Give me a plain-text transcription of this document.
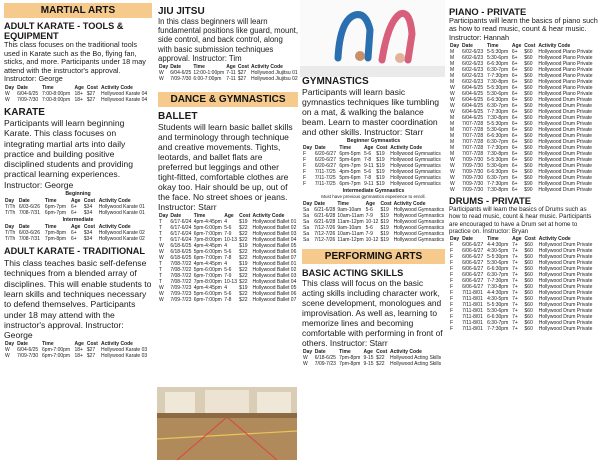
MARTIAL ARTS
ADULT KARATE - TOOLS & EQUIPMENT
This class focuses on the traditional tools used in Karate such as the Bo, flying fan, sticks, and more. Participants under 18 may attend with the instructor's approval. Instructor: George
Day	Date	Time	Age	Cost	Activity Code
W	6/04-6/25	7:00-8:00pm	18+	$27	Hollywood Karate 04
W	7/09-7/30	7:00-8:00pm	18+	$27	Hollywood Karate 04
KARATE
Participants will learn beginning Karate. This class focuses on integrating martial arts into daily practice and building positive disciplined students and providing practical learning experiences. Instructor: George
Beginning
Day	Date	Time	Age	Cost	Activity Code
T/Th	6/03-6/26	6pm-7pm	6+	$34	Hollywood Karate 01
T/Th	7/08-7/31	6pm-7pm	6+	$34	Hollywood Karate 01
Intermediate
Day	Date	Time	Age	Cost	Activity Code
T/Th	6/03-6/26	7pm-8pm	6+	$34	Hollywood Karate 02
T/Th	7/08-7/31	7pm-8pm	6+	$34	Hollywood Karate 02
ADULT KARATE - TRADITIONAL
This class teaches basic self-defense techniques from a blended array of disciplines. This will enable students to learn skills and techniques necessary to defend themselves. Participants under 18 may attend with the instructor's approval. Instructor: George
Day	Date	Time	Age	Cost	Activity Code
W	6/04-6/25	6pm-7:00pm	18+	$27	Hollywood Karate 03
W	7/09-7/30	6pm-7:00pm	18+	$27	Hollywood Karate 03
JIU JITSU
In this class beginners will learn fundamental positions like guard, mount, side control, and back control, along with basic submission techniques approval. Instructor: Tim
Day	Date	Time	Age	Cost	Activity Code
W	6/04-6/25	12:00-1:00pm	7-11	$27	Hollywood Jiujitsu 01
W	7/09-7/30	6:00-7:00pm	7-11	$27	Hollywood Jiujitsu 02
DANCE & GYMNASTICS
BALLET
Students will learn basic ballet skills and terminology through technique and creative movements. Tights, leotards, and ballet flats are preferred but leggings and other tight-fitted, comfortable clothes are okay too. Hair should be up, out of the face. No street shoes or jeans. Instructor: Starr
Day	Date	Time	Age	Cost	Activity Code
T	6/17-6/24	4pm-4:45pm	4	$19	Hollywood Ballet 01
T	6/17-6/24	5pm-6:00pm	5-6	$22	Hollywood Ballet 02
T	6/17-6/24	6pm-7:00pm	7-9	$22	Hollywood Ballet 03
T	6/17-6/24	7pm-8:00pm	10-13	$22	Hollywood Ballet 04
W	6/18-6/25	4pm-4:45pm	4	$19	Hollywood Ballet 05
W	6/18-6/25	5pm-6:00pm	5-6	$22	Hollywood Ballet 06
W	6/18-6/25	6pm-7:00pm	7-8	$22	Hollywood Ballet 07
T	7/08-7/22	4pm-4:45pm	4	$19	Hollywood Ballet 01
T	7/08-7/22	5pm-6:00pm	5-6	$22	Hollywood Ballet 02
T	7/08-7/22	6pm-7:00pm	7-9	$22	Hollywood Ballet 03
T	7/08-7/22	7pm-8:00pm	10-13	$22	Hollywood Ballet 04
W	7/09-7/23	4pm-4:45pm	4	$19	Hollywood Ballet 05
W	7/09-7/23	5pm-6:00pm	5-6	$22	Hollywood Ballet 06
W	7/09-7/23	6pm-7:00pm	7-8	$22	Hollywood Ballet 07
GYMNASTICS
Participants will learn basic gymnastics techniques like tumbling on a mat, & walking the balance beam. Learn to master coordination and other skills. Instructor: Starr
Beginner Gymnastics
Day	Date	Time	Age	Cost	Activity Code
F	6/20-6/27	6pm-5pm	5-6	$19	Hollywood Gymnastics
F	6/20-6/27	5pm-6pm	7-8	$19	Hollywood Gymnastics
F	6/20-6/27	6pm-7pm	9-11	$19	Hollywood Gymnastics
F	7/11-7/25	4pm-5pm	5-6	$19	Hollywood Gymnastics
F	7/11-7/25	5pm-6pm	7-8	$19	Hollywood Gymnastics
F	7/11-7/25	6pm-7pm	9-11	$19	Hollywood Gymnastics
Intermediate Gymnastics
Must have previous gymnastics experience to enroll.
Day	Date	Time	Age	Cost	Activity Code
Sa	6/21-6/28	9am-10am	5-6	$19	Hollywood Gymnastics
Sa	6/21-6/28	10am-11am	7-9	$19	Hollywood Gymnastics
Sa	6/21-6/28	11am-12pm	10-12	$19	Hollywood Gymnastics
Sa	7/12-7/26	9am-10am	5-6	$19	Hollywood Gymnastics
Sa	7/12-7/26	10am-11am	7-9	$19	Hollywood Gymnastics
Sa	7/12-7/26	11am-12pm	10-12	$19	Hollywood Gymnastics
PERFORMING ARTS
BASIC ACTING SKILLS
This class will focus on the basic acting skills including character work, scene development, monologues and improvisation. As well as, learning to memorize lines and becoming comfortable with performing in front of others. Instructor: Starr
Day	Date	Time	Age	Cost	Activity Code
W	6/18-6/25	7pm-8pm	9-15	$22	Hollywood Acting Skills
W	7/09-7/23	7pm-8pm	9-15	$22	Hollywood Acting Skills
PIANO - PRIVATE
Participants will learn the basics of piano such as how to read music, count & hear music. Instructor: Hannah
Day	Date	Time	Age	Cost	Activity Code
M	6/02-6/23	5-5:30pm	6+	$60	Hollywood Piano Private
M	6/02-6/23	5:30-6pm	6+	$60	Hollywood Piano Private
M	6/02-6/23	6-6:30pm	6+	$60	Hollywood Piano Private
M	6/02-6/23	6:30-7pm	6+	$60	Hollywood Piano Private
M	6/02-6/23	7-7:30pm	6+	$60	Hollywood Piano Private
M	6/02-6/23	7:30-8pm	6+	$60	Hollywood Piano Private
W	6/04-6/25	5-5:30pm	6+	$60	Hollywood Piano Private
W	6/04-6/25	5:30-6pm	6+	$60	Hollywood Piano Private
W	6/04-6/25	6-6:30pm	6+	$60	Hollywood Drum Private
W	6/04-6/25	6:30-7pm	6+	$60	Hollywood Drum Private
W	6/04-6/25	7-7:30pm	6+	$60	Hollywood Drum Private
M	6/04-6/25	7:30-8pm	6+	$60	Hollywood Drum Private
M	7/07-7/28	5-5:30pm	6+	$60	Hollywood Drum Private
M	7/07-7/28	5:30-6pm	6+	$60	Hollywood Drum Private
M	7/07-7/28	6-6:30pm	6+	$60	Hollywood Drum Private
M	7/07-7/28	6:30-7pm	6+	$60	Hollywood Drum Private
M	7/07-7/28	7-7:30pm	6+	$60	Hollywood Drum Private
M	7/07-7/28	7:30-8pm	6+	$60	Hollywood Drum Private
W	7/09-7/30	5-5:30pm	6+	$60	Hollywood Drum Private
W	7/09-7/30	5:30-6pm	6+	$60	Hollywood Drum Private
W	7/09-7/30	6-6:30pm	6+	$60	Hollywood Drum Private
W	7/09-7/30	6:30-7pm	6+	$60	Hollywood Drum Private
W	7/09-7/30	7-7:30pm	6+	$90	Hollywood Drum Private
W	7/09-7/30	7:30-8pm	6+	$90	Hollywood Drum Private
DRUMS - PRIVATE
Participants will learn the basics of Drums such as how to read music, count & hear music. Participants are encouraged to have a Drum set at home to practice on. Instructor: Bryan
Day	Date	Time	Age	Cost	Activity Code
F	6/06-6/27	4-4:30pm	7+	$60	Hollywood Drum Private
F	6/06-6/27	4:30-5pm	7+	$60	Hollywood Drum Private
F	6/06-6/27	5-5:30pm	7+	$60	Hollywood Drum Private
F	6/06-6/27	5:30-6pm	7+	$60	Hollywood Drum Private
F	6/06-6/27	6-6:30pm	7+	$60	Hollywood Drum Private
F	6/06-6/27	6:30-7pm	7+	$60	Hollywood Drum Private
F	6/06-6/27	7-7:30pm	7+	$60	Hollywood Drum Private
F	6/06-6/27	7:30-8pm	7+	$60	Hollywood Drum Private
F	7/11-8/01	4-4:30pm	7+	$60	Hollywood Drum Private
F	7/11-8/01	4:30-5pm	7+	$60	Hollywood Drum Private
F	7/11-8/01	5-5:30pm	7+	$60	Hollywood Drum Private
F	7/11-8/01	5:30-6pm	7+	$60	Hollywood Drum Private
F	7/11-8/01	6-6:30pm	7+	$60	Hollywood Drum Private
F	7/11-8/01	6:30-7pm	7+	$60	Hollywood Drum Private
F	7/11-8/01	7-7:30pm	7+	$60	Hollywood Drum Private
